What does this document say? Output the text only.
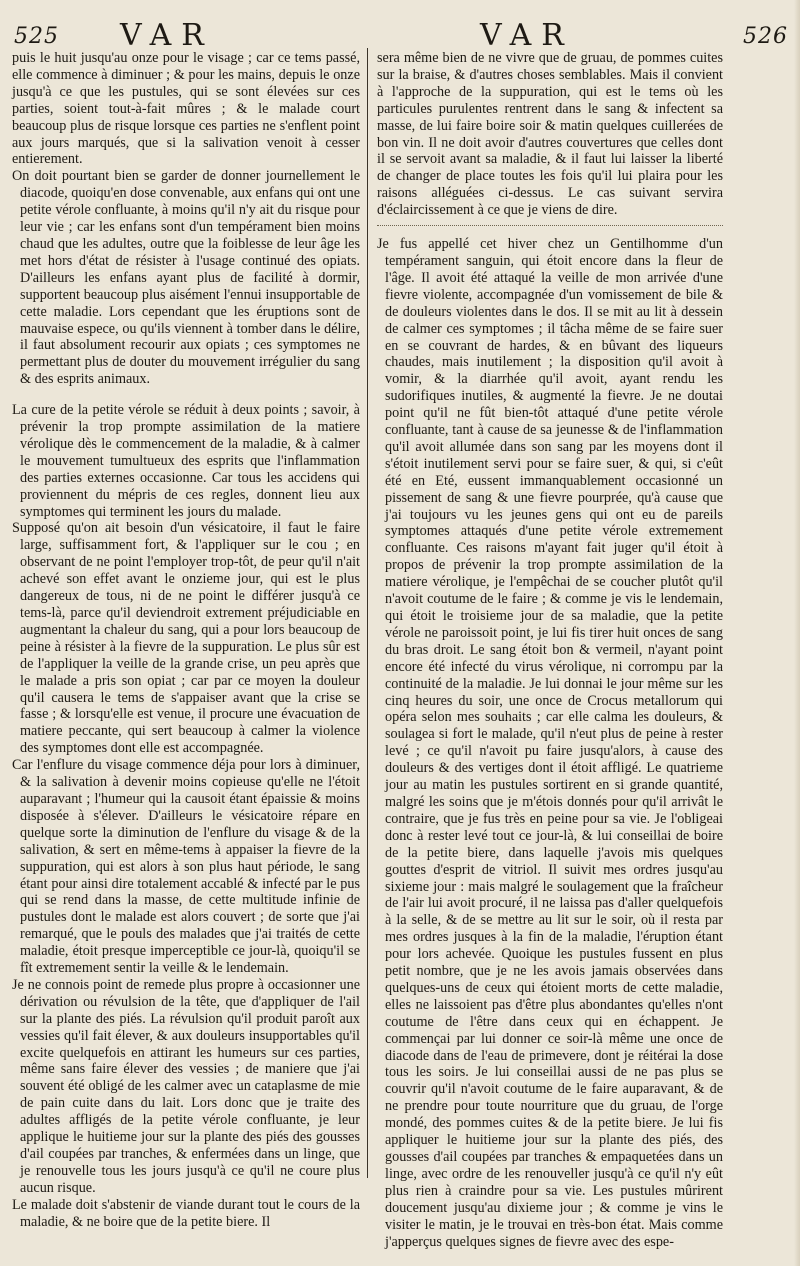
525 VAR	VAR	526

puis le huit jusqu'au onze pour le visage ; car ce tems passé, elle commence à diminuer ; & pour les mains, depuis le onze jusqu'à ce que les pustules, qui se sont élevées sur ces parties, soient tout-à-fait mûres ; & le malade court beaucoup plus de risque lorsque ces parties ne s'enflent point aux jours marqués, que si la salivation venoit à cesser entierement.

On doit pourtant bien se garder de donner journellement le diacode, quoiqu'en dose convenable, aux enfans qui ont une petite vérole confluante, à moins qu'il n'y ait du risque pour leur vie ; car les enfans sont d'un tempérament bien moins chaud que les adultes, outre que la foiblesse de leur âge les met hors d'état de résister à l'usage continué des opiats. D'ailleurs les enfans ayant plus de facilité à dormir, supportent beaucoup plus aisément l'ennui insupportable de cette maladie. Lors cependant que les éruptions sont de mauvaise espece, ou qu'ils viennent à tomber dans le délire, il faut absolument recourir aux opiats ; ces symptomes ne permettant plus de douter du mouvement irrégulier du sang & des esprits animaux.

La cure de la petite vérole se réduit à deux points ; savoir, à prévenir la trop prompte assimilation de la matiere vérolique dès le commencement de la maladie, & à calmer le mouvement tumultueux des esprits que l'inflammation des parties externes occasionne. Car tous les accidens qui proviennent du mépris de ces regles, donnent lieu aux symptomes qui terminent les jours du malade.

Supposé qu'on ait besoin d'un vésicatoire, il faut le faire large, suffisamment fort, & l'appliquer sur le cou ; en observant de ne point l'employer trop-tôt, de peur qu'il n'ait achevé son effet avant le onzieme jour, qui est le plus dangereux de tous, ni de ne point le différer jusqu'à ce tems-là, parce qu'il deviendroit extrement préjudiciable en augmentant la chaleur du sang, qui a pour lors beaucoup de peine à résister à la fievre de la suppuration. Le plus sûr est de l'appliquer la veille de la grande crise, un peu après que le malade a pris son opiat ; car par ce moyen la douleur qu'il causera le tems de s'appaiser avant que la crise se fasse ; & lorsqu'elle est venue, il procure une évacuation de matiere peccante, qui sert beaucoup à calmer la violence des symptomes dont elle est accompagnée.

Car l'enflure du visage commence déja pour lors à diminuer, & la salivation à devenir moins copieuse qu'elle ne l'étoit auparavant ; l'humeur qui la causoit étant épaissie & moins disposée à s'élever. D'ailleurs le vésicatoire répare en quelque sorte la diminution de l'enflure du visage & de la salivation, & sert en même-tems à appaiser la fievre de la suppuration, qui est alors à son plus haut période, le sang étant pour ainsi dire totalement accablé & infecté par le pus qui se rend dans la masse, de cette multitude infinie de pustules dont le malade est alors couvert ; de sorte que j'ai remarqué, que le pouls des malades que j'ai traités de cette maladie, étoit presque imperceptible ce jour-là, quoiqu'il se fît extremement sentir la veille & le lendemain.

Je ne connois point de remede plus propre à occasionner une dérivation ou révulsion de la tête, que d'appliquer de l'ail sur la plante des piés. La révulsion qu'il produit paroît aux vessies qu'il fait élever, & aux douleurs insupportables qu'il excite quelquefois en attirant les humeurs sur ces parties, même sans faire élever des vessies ; de maniere que j'ai souvent été obligé de les calmer avec un cataplasme de mie de pain cuite dans du lait. Lors donc que je traite des adultes affligés de la petite vérole confluante, je leur applique le huitieme jour sur la plante des piés des gousses d'ail coupées par tranches, & enfermées dans un linge, que je renouvelle tous les jours jusqu'à ce qu'il ne coure plus aucun risque.

Le malade doit s'abstenir de viande durant tout le cours de la maladie, & ne boire que de la petite biere. Il

sera même bien de ne vivre que de gruau, de pommes cuites sur la braise, & d'autres choses semblables. Mais il convient à l'approche de la suppuration, qui est le tems où les particules purulentes rentrent dans le sang & infectent sa masse, de lui faire boire soir & matin quelques cuillerées de bon vin. Il ne doit avoir d'autres couvertures que celles dont il se servoit avant sa maladie, & il faut lui laisser la liberté de changer de place toutes les fois qu'il lui plaira pour les raisons alléguées ci-dessus. Le cas suivant servira d'éclaircissement à ce que je viens de dire.

Je fus appellé cet hiver chez un Gentilhomme d'un tempérament sanguin, qui étoit encore dans la fleur de l'âge. Il avoit été attaqué la veille de mon arrivée d'une fievre violente, accompagnée d'un vomissement de bile & de douleurs violentes dans le dos. Il se mit au lit à dessein de calmer ces symptomes ; il tâcha même de se faire suer en se couvrant de hardes, & en bûvant des liqueurs chaudes, mais inutilement ; la disposition qu'il avoit à vomir, & la diarrhée qu'il avoit, ayant rendu les sudorifiques inutiles, & augmenté la fievre. Je ne doutai point qu'il ne fût bien-tôt attaqué d'une petite vérole confluante, tant à cause de sa jeunesse & de l'inflammation qu'il avoit allumée dans son sang par les moyens dont il s'étoit inutilement servi pour se faire suer, & qui, si c'eût été en Eté, eussent immanquablement occasionné un pissement de sang & une fievre pourprée, qu'à cause que j'ai toujours vu les jeunes gens qui ont eu de pareils symptomes attaqués d'une petite vérole extremement confluante. Ces raisons m'ayant fait juger qu'il étoit à propos de prévenir la trop prompte assimilation de la matiere vérolique, je l'empêchai de se coucher plutôt qu'il n'avoit coutume de le faire ; & comme je vis le lendemain, qui étoit le troisieme jour de sa maladie, que la petite vérole ne paroissoit point, je lui fis tirer huit onces de sang du bras droit. Le sang étoit bon & vermeil, n'ayant point encore été infecté du virus vérolique, ni corrompu par la continuité de la maladie. Je lui donnai le jour même sur les cinq heures du soir, une once de Crocus metallorum qui opéra selon mes souhaits ; car elle calma les douleurs, & soulagea si fort le malade, qu'il n'eut plus de peine à rester levé ; ce qu'il n'avoit pu faire jusqu'alors, à cause des douleurs & des vertiges dont il étoit affligé. Le quatrieme jour au matin les pustules sortirent en si grande quantité, malgré les soins que je m'étois donnés pour qu'il arrivât le contraire, que je fus très en peine pour sa vie. Je l'obligeai donc à rester levé tout ce jour-là, & lui conseillai de boire de la petite biere, dans laquelle j'avois mis quelques gouttes d'esprit de vitriol. Il suivit mes ordres jusqu'au sixieme jour : mais malgré le soulagement que la fraîcheur de l'air lui avoit procuré, il ne laissa pas d'aller quelquefois à la selle, & de se mettre au lit sur le soir, où il resta par mes ordres jusques à la fin de la maladie, l'éruption étant pour lors achevée. Quoique les pustules fussent en plus petit nombre, que je ne les avois jamais observées dans quelques-uns de ceux qui étoient morts de cette maladie, elles ne laissoient pas d'être plus abondantes qu'elles n'ont coutume de l'être dans ceux qui en échappent. Je commençai par lui donner ce soir-là même une once de diacode dans de l'eau de primevere, dont je réitérai la dose tous les soirs. Je lui conseillai aussi de ne pas plus se couvrir qu'il n'avoit coutume de le faire auparavant, & de ne prendre pour toute nourriture que du gruau, de l'orge mondé, des pommes cuites & de la petite biere. Je lui fis appliquer le huitieme jour sur la plante des piés, des gousses d'ail coupées par tranches & empaquetées dans un linge, avec ordre de les renouveller jusqu'à ce qu'il n'y eût plus rien à craindre pour sa vie. Les pustules mûrirent doucement jusqu'au dixieme jour ; & comme je vins le visiter le matin, je le trouvai en très-bon état. Mais comme j'apperçus quelques signes de fievre avec des espe-
